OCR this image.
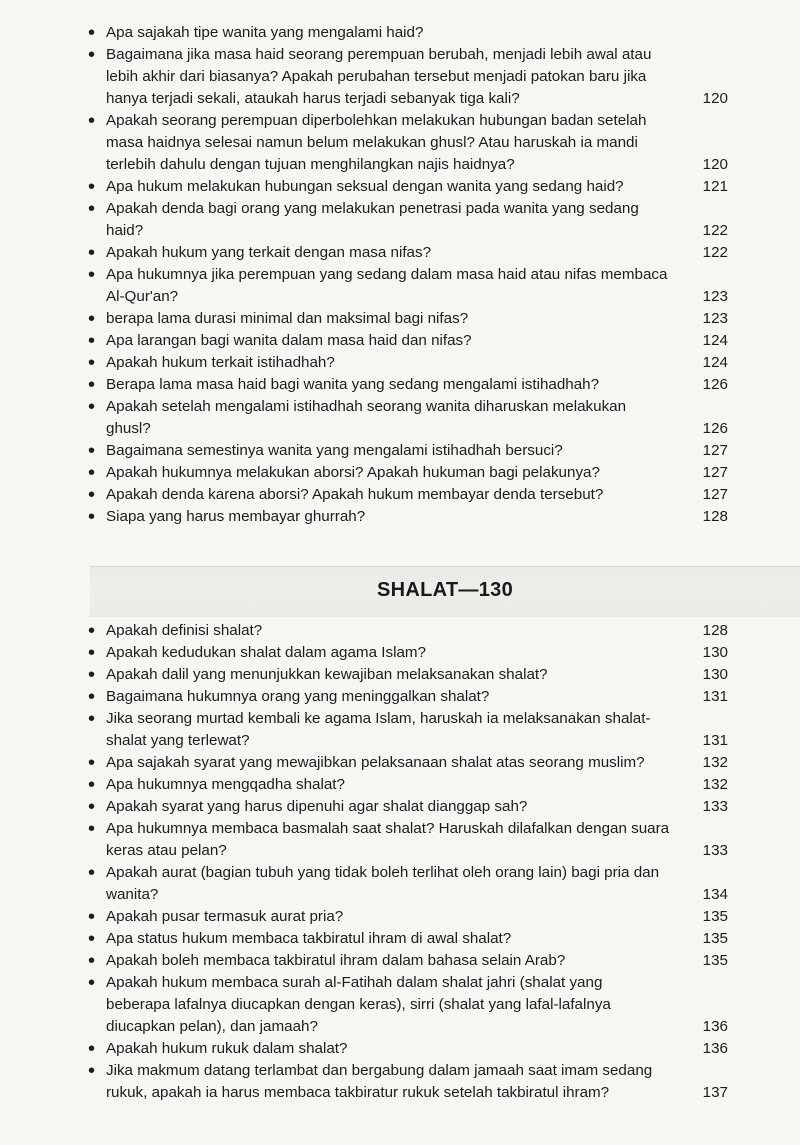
• Apa sajakah tipe wanita yang mengalami haid?
• Bagaimana jika masa haid seorang perempuan berubah, menjadi lebih awal atau lebih akhir dari biasanya? Apakah perubahan tersebut menjadi patokan baru jika hanya terjadi sekali, ataukah harus terjadi sebanyak tiga kali?	120
• Apakah seorang perempuan diperbolehkan melakukan hubungan badan setelah masa haidnya selesai namun belum melakukan ghusl? Atau haruskah ia mandi terlebih dahulu dengan tujuan menghilangkan najis haidnya?	120
• Apa hukum melakukan hubungan seksual dengan wanita yang sedang haid?	121
• Apakah denda bagi orang yang melakukan penetrasi pada wanita yang sedang haid?	122
• Apakah hukum yang terkait dengan masa nifas?	122
• Apa hukumnya jika perempuan yang sedang dalam masa haid atau nifas membaca Al-Qur'an?	123
• berapa lama durasi minimal dan maksimal bagi nifas?	123
• Apa larangan bagi wanita dalam masa haid dan nifas?	124
• Apakah hukum terkait istihadhah?	124
• Berapa lama masa haid bagi wanita yang sedang mengalami istihadhah?	126
• Apakah setelah mengalami istihadhah seorang wanita diharuskan melakukan ghusl?	126
• Bagaimana semestinya wanita yang mengalami istihadhah bersuci?	127
• Apakah hukumnya melakukan aborsi? Apakah hukuman bagi pelakunya?	127
• Apakah denda karena aborsi? Apakah hukum membayar denda tersebut?	127
• Siapa yang harus membayar ghurrah?	128
SHALAT—130
• Apakah definisi shalat?	128
• Apakah kedudukan shalat dalam agama Islam?	130
• Apakah dalil yang menunjukkan kewajiban melaksanakan shalat?	130
• Bagaimana hukumnya orang yang meninggalkan shalat?	131
• Jika seorang murtad kembali ke agama Islam, haruskah ia melaksanakan shalat-shalat yang terlewat?	131
• Apa sajakah syarat yang mewajibkan pelaksanaan shalat atas seorang muslim?	132
• Apa hukumnya mengqadha shalat?	132
• Apakah syarat yang harus dipenuhi agar shalat dianggap sah?	133
• Apa hukumnya membaca basmalah saat shalat? Haruskah dilafalkan dengan suara keras atau pelan?	133
• Apakah aurat (bagian tubuh yang tidak boleh terlihat oleh orang lain) bagi pria dan wanita?	134
• Apakah pusar termasuk aurat pria?	135
• Apa status hukum membaca takbiratul ihram di awal shalat?	135
• Apakah boleh membaca takbiratul ihram dalam bahasa selain Arab?	135
• Apakah hukum membaca surah al-Fatihah dalam shalat jahri (shalat yang beberapa lafalnya diucapkan dengan keras), sirri (shalat yang lafal-lafalnya diucapkan pelan), dan jamaah?	136
• Apakah hukum rukuk dalam shalat?	136
• Jika makmum datang terlambat dan bergabung dalam jamaah saat imam sedang rukuk, apakah ia harus membaca takbiratur rukuk setelah takbiratul ihram?	137
